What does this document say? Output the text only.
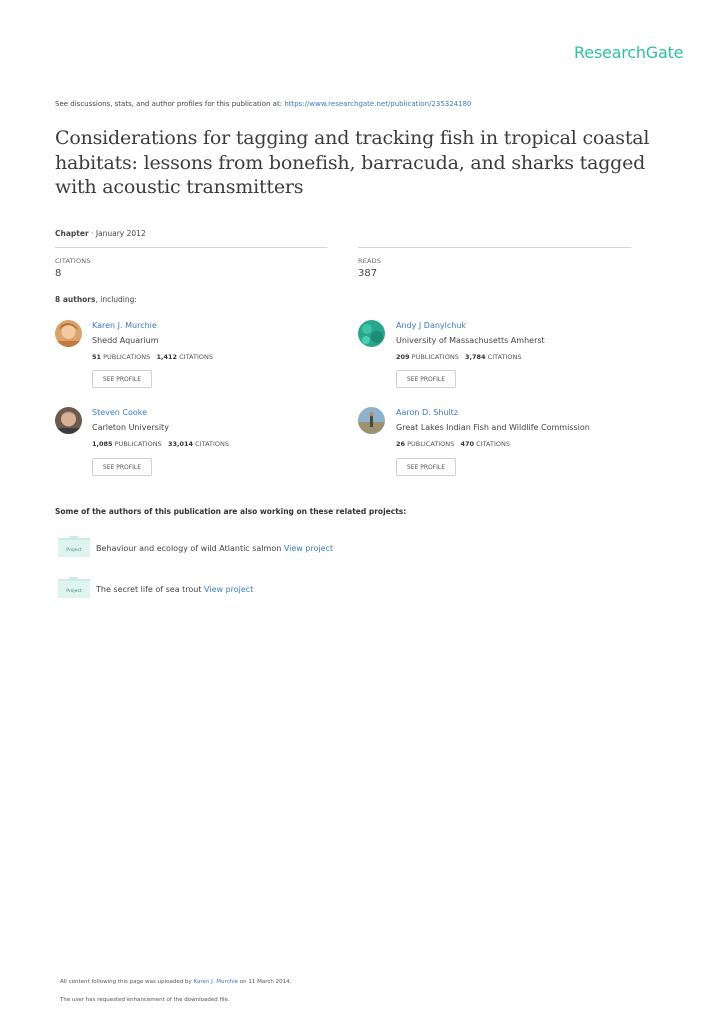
ResearchGate
See discussions, stats, and author profiles for this publication at: https://www.researchgate.net/publication/235324180
Considerations for tagging and tracking fish in tropical coastal habitats: lessons from bonefish, barracuda, and sharks tagged with acoustic transmitters
Chapter · January 2012
CITATIONS
8
READS
387
8 authors, including:
Karen J. Murchie
Shedd Aquarium
51 PUBLICATIONS 1,412 CITATIONS
SEE PROFILE
Andy J Danylchuk
University of Massachusetts Amherst
209 PUBLICATIONS 3,784 CITATIONS
SEE PROFILE
Steven Cooke
Carleton University
1,085 PUBLICATIONS 33,014 CITATIONS
SEE PROFILE
Aaron D. Shultz
Great Lakes Indian Fish and Wildlife Commission
26 PUBLICATIONS 470 CITATIONS
SEE PROFILE
Some of the authors of this publication are also working on these related projects:
Project Behaviour and ecology of wild Atlantic salmon View project
Project The secret life of sea trout View project
All content following this page was uploaded by Karen J. Murchie on 11 March 2014.
The user has requested enhancement of the downloaded file.
